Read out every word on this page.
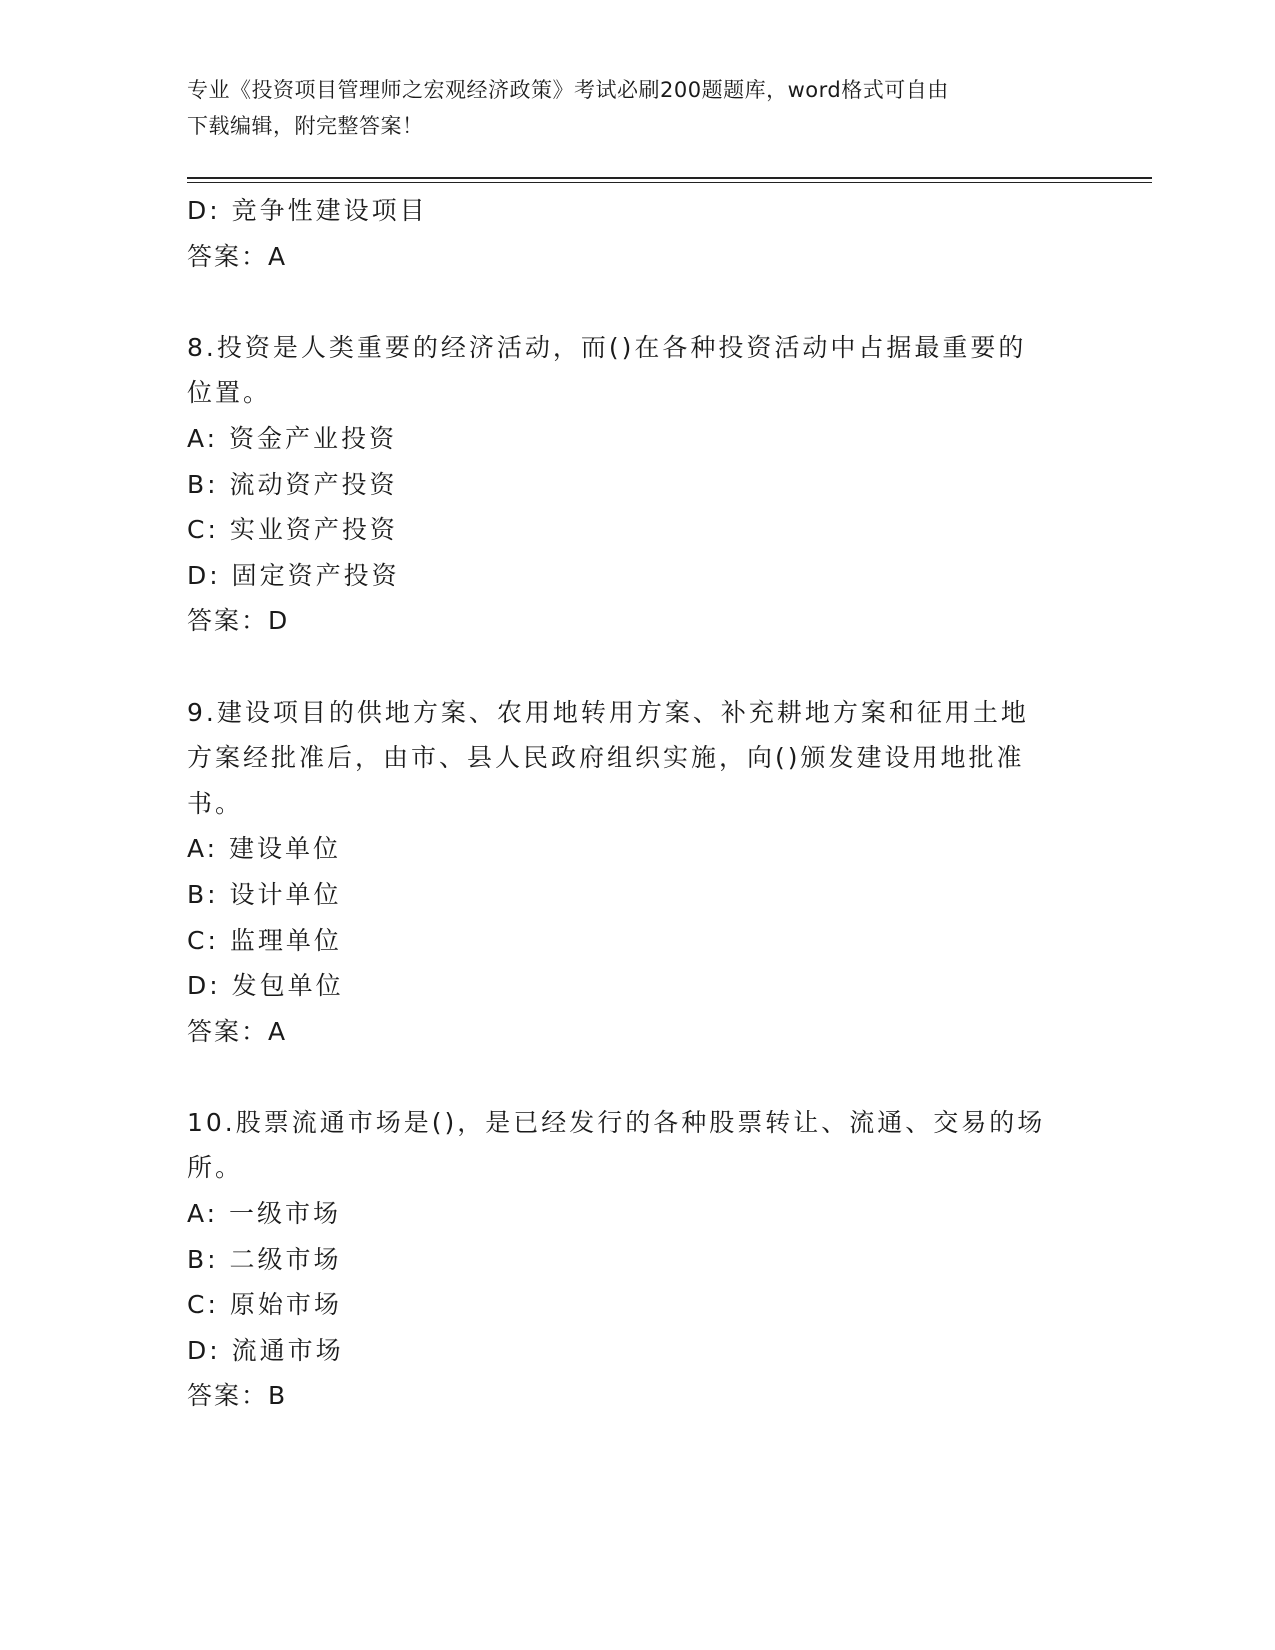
专业《投资项目管理师之宏观经济政策》考试必刷200题题库，word格式可自由
下载编辑，附完整答案！

D: 竞争性建设项目

答案：A

8.投资是人类重要的经济活动，而()在各种投资活动中占据最重要的

位置。

A: 资金产业投资

B: 流动资产投资

C: 实业资产投资

D: 固定资产投资

答案：D

9.建设项目的供地方案、农用地转用方案、补充耕地方案和征用土地

方案经批准后，由市、县人民政府组织实施，向()颁发建设用地批准

书。

A: 建设单位

B: 设计单位

C: 监理单位

D: 发包单位

答案：A

10.股票流通市场是()，是已经发行的各种股票转让、流通、交易的场

所。

A: 一级市场

B: 二级市场

C: 原始市场

D: 流通市场

答案：B
